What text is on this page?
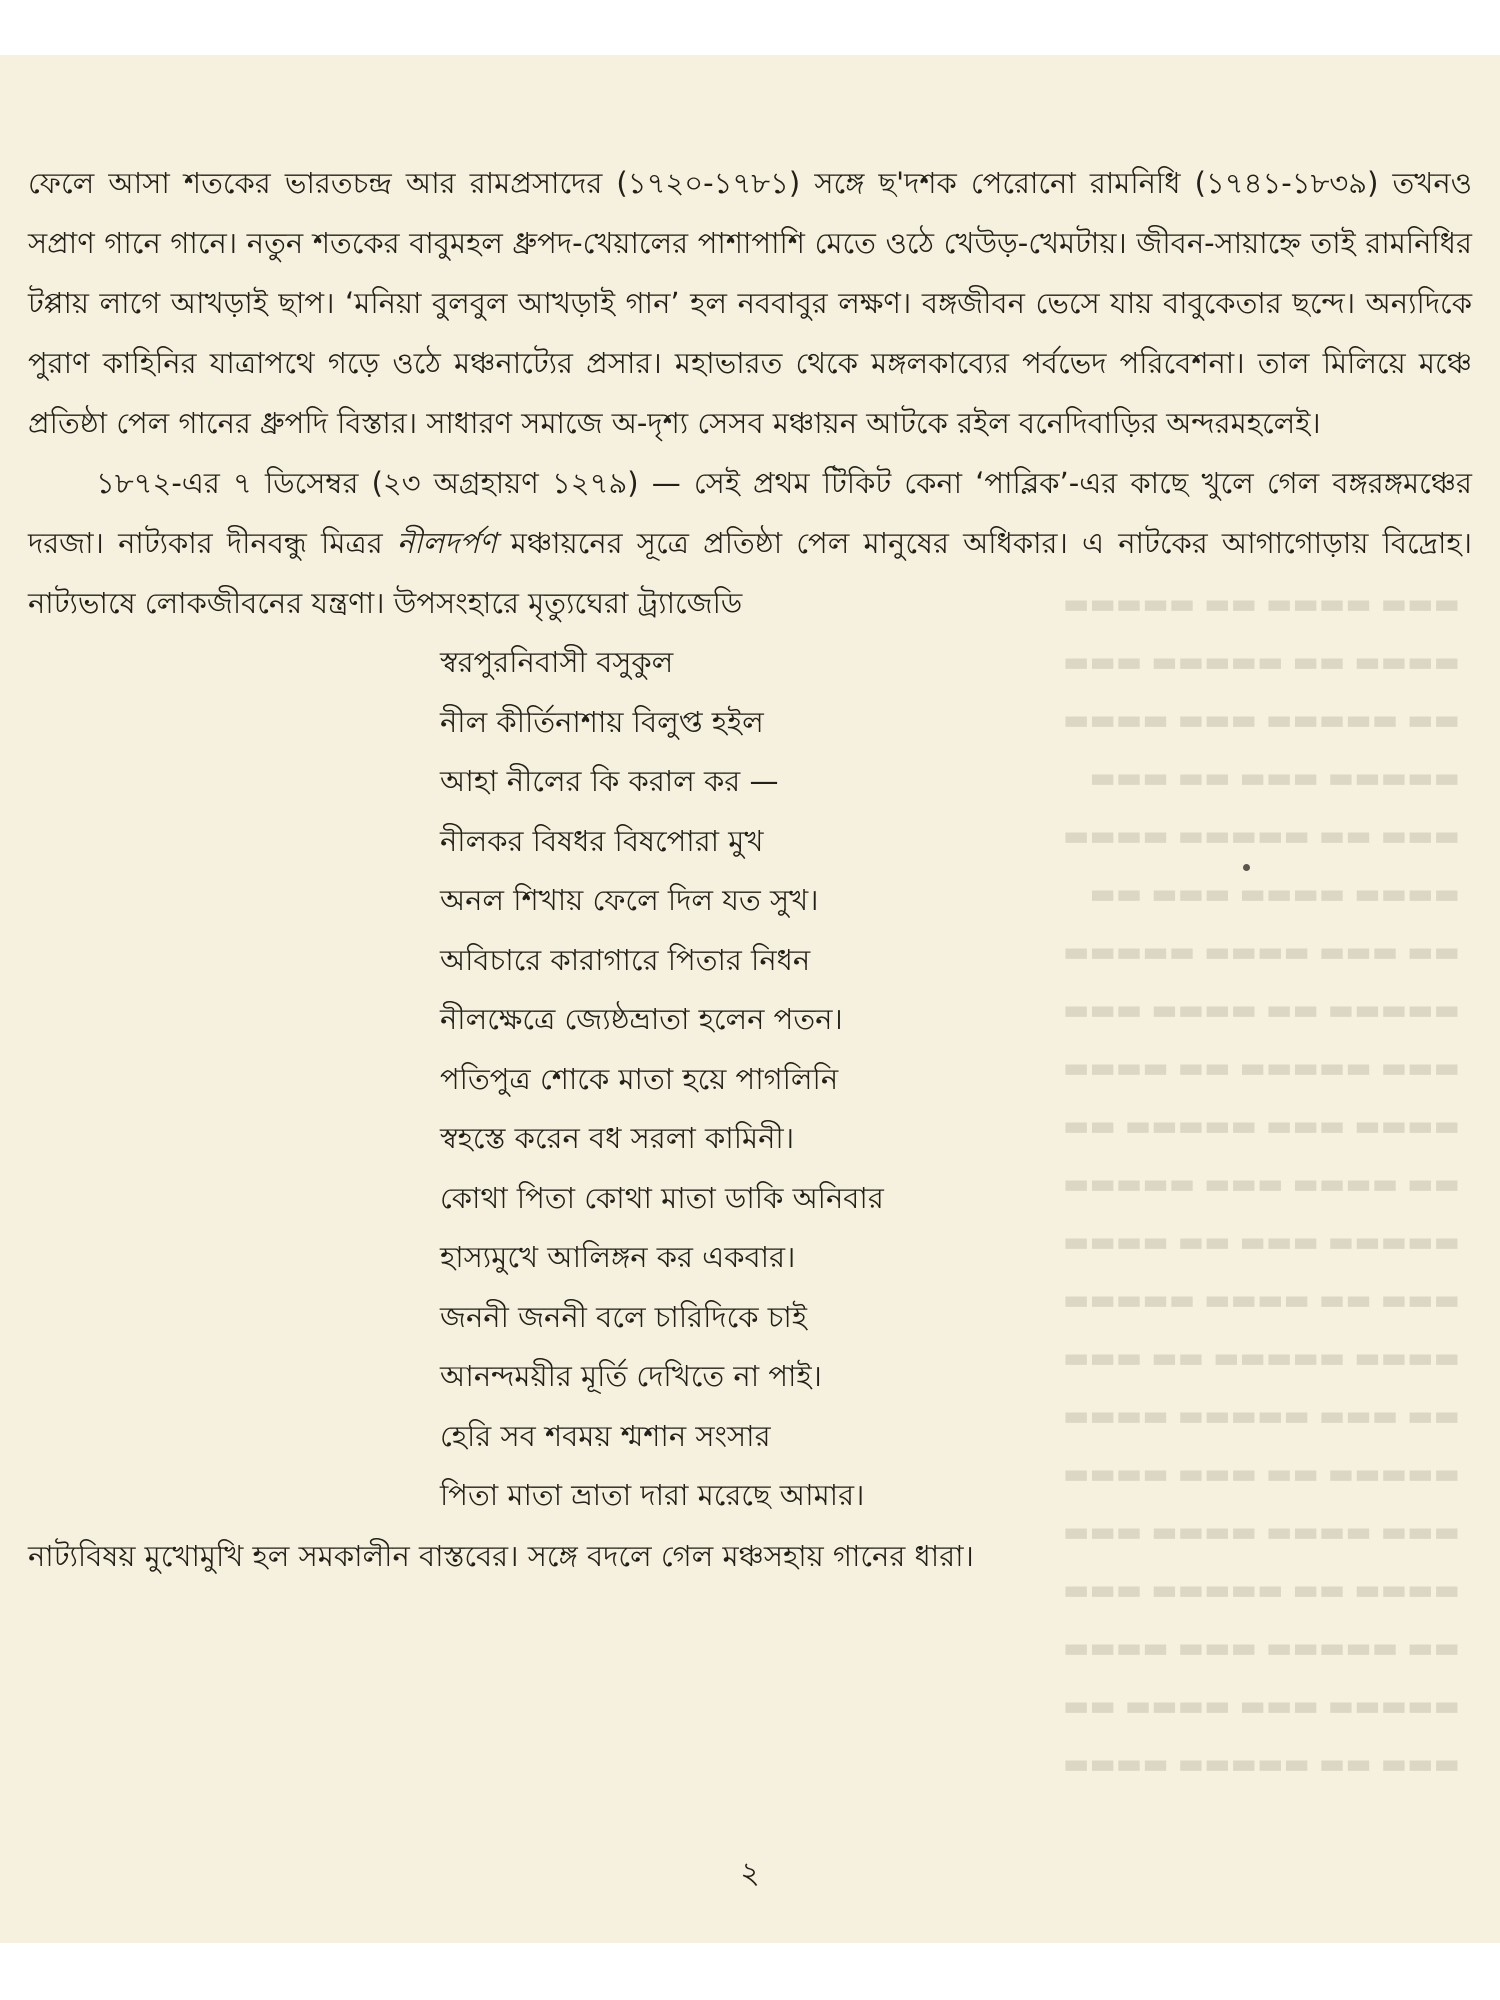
▬▬▬ ▬▬▬▬ ▬▬ ▬▬▬▬▬
▬▬▬▬ ▬▬ ▬▬▬▬▬ ▬▬▬
▬▬ ▬▬▬▬▬ ▬▬▬ ▬▬▬▬
▬▬▬▬▬ ▬▬▬ ▬▬ ▬▬▬
▬▬▬ ▬▬ ▬▬▬▬▬ ▬▬▬▬
▬▬▬▬ ▬▬▬▬ ▬▬▬ ▬▬
▬▬ ▬▬▬ ▬▬▬▬ ▬▬▬▬▬
▬▬▬▬▬ ▬▬ ▬▬▬▬ ▬▬▬
▬▬▬ ▬▬▬▬▬ ▬▬ ▬▬▬▬
▬▬▬▬ ▬▬▬ ▬▬▬▬▬ ▬▬
▬▬ ▬▬▬▬ ▬▬▬ ▬▬▬▬▬
▬▬▬▬▬ ▬▬▬ ▬▬ ▬▬▬▬
▬▬▬ ▬▬ ▬▬▬▬ ▬▬▬▬▬
▬▬▬▬ ▬▬▬▬▬ ▬▬ ▬▬▬
▬▬ ▬▬▬ ▬▬▬▬▬ ▬▬▬▬
▬▬▬▬▬ ▬▬ ▬▬▬ ▬▬▬▬
▬▬▬ ▬▬▬▬ ▬▬▬▬ ▬▬▬
▬▬▬▬ ▬▬ ▬▬▬▬▬ ▬▬▬
▬▬ ▬▬▬▬▬ ▬▬▬ ▬▬▬▬
▬▬▬▬▬ ▬▬▬ ▬▬▬▬ ▬▬
▬▬▬ ▬▬ ▬▬▬▬▬ ▬▬▬▬

ফেলে আসা শতকের ভারতচন্দ্র আর রামপ্রসাদের (১৭২০-১৭৮১) সঙ্গে ছ'দশক পেরোনো রামনিধি (১৭৪১-১৮৩৯) তখনও সপ্রাণ গানে গানে। নতুন শতকের বাবুমহল ধ্রুপদ-খেয়ালের পাশাপাশি মেতে ওঠে খেউড়-খেমটায়। জীবন-সায়াহ্নে তাই রামনিধির টপ্পায় লাগে আখড়াই ছাপ। ‘মনিয়া বুলবুল আখড়াই গান’ হল নববাবুর লক্ষণ। বঙ্গজীবন ভেসে যায় বাবুকেতার ছন্দে। অন্যদিকে পুরাণ কাহিনির যাত্রাপথে গড়ে ওঠে মঞ্চনাট্যের প্রসার। মহাভারত থেকে মঙ্গলকাব্যের পর্বভেদ পরিবেশনা। তাল মিলিয়ে মঞ্চে প্রতিষ্ঠা পেল গানের ধ্রুপদি বিস্তার। সাধারণ সমাজে অ-দৃশ্য সেসব মঞ্চায়ন আটকে রইল বনেদিবাড়ির অন্দরমহলেই।

১৮৭২-এর ৭ ডিসেম্বর (২৩ অগ্রহায়ণ ১২৭৯) — সেই প্রথম টিকিট কেনা ‘পাব্লিক’-এর কাছে খুলে গেল বঙ্গরঙ্গমঞ্চের দরজা। নাট্যকার দীনবন্ধু মিত্রর নীলদর্পণ মঞ্চায়নের সূত্রে প্রতিষ্ঠা পেল মানুষের অধিকার। এ নাটকের আগাগোড়ায় বিদ্রোহ। নাট্যভাষে লোকজীবনের যন্ত্রণা। উপসংহারে মৃত্যুঘেরা ট্র্যাজেডি

স্বরপুরনিবাসী বসুকুল
নীল কীর্তিনাশায় বিলুপ্ত হইল
আহা নীলের কি করাল কর —
নীলকর বিষধর বিষপোরা মুখ
অনল শিখায় ফেলে দিল যত সুখ।
অবিচারে কারাগারে পিতার নিধন
নীলক্ষেত্রে জ্যেষ্ঠভ্রাতা হলেন পতন।
পতিপুত্র শোকে মাতা হয়ে পাগলিনি
স্বহস্তে করেন বধ সরলা কামিনী।
কোথা পিতা কোথা মাতা ডাকি অনিবার
হাস্যমুখে আলিঙ্গন কর একবার।
জননী জননী বলে চারিদিকে চাই
আনন্দময়ীর মূর্তি দেখিতে না পাই।
হেরি সব শবময় শ্মশান সংসার
পিতা মাতা ভ্রাতা দারা মরেছে আমার।

নাট্যবিষয় মুখোমুখি হল সমকালীন বাস্তবের। সঙ্গে বদলে গেল মঞ্চসহায় গানের ধারা।

২
